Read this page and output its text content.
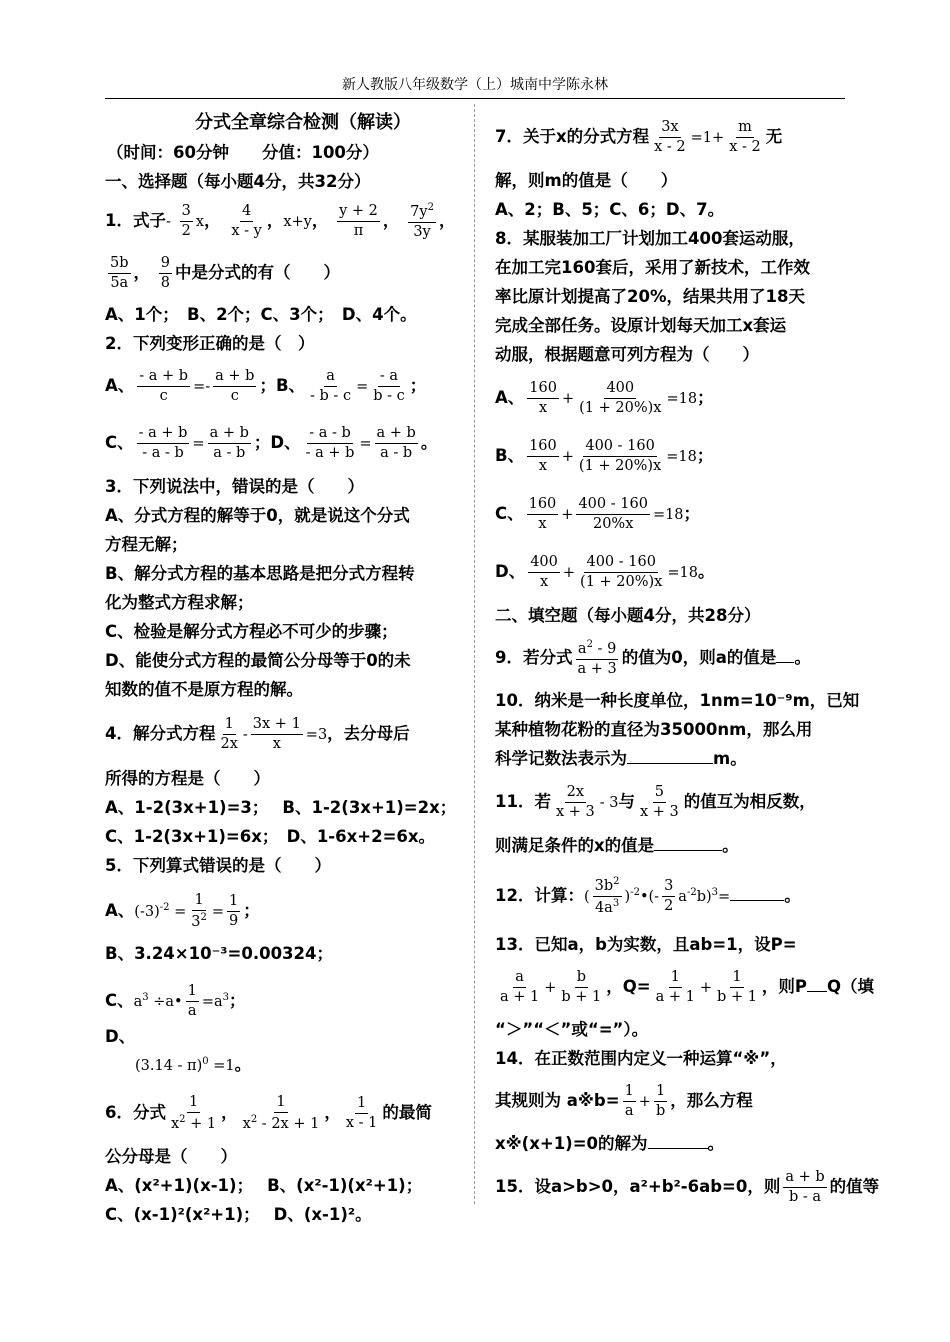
新人教版八年级数学（上）城南中学陈永林
分式全章综合检测（解读）
（时间：60分钟　　分值：100分）
一、选择题（每小题4分，共32分）
1．式子- $\frac{3}{2}$ x， $\frac{4}{x - y}$ ，x+y， $\frac{y + 2}{\pi}$ ， $\frac{7y^2}{3y}$ ，
$\frac{5b}{5a}$ ， $\frac{9}{8}$ 中是分式的有（　　）
A、1个；　B、2个；C、3个；　D、4个。
2．下列变形正确的是（　）
A、 $\frac{- a + b}{c} =- \frac{a + b}{c}$ ；B、 $\frac{a}{- b - c} = \frac{- a}{b - c}$ ；
C、 $\frac{- a + b}{- a - b} = \frac{a + b}{a - b}$ ；D、 $\frac{- a - b}{- a + b} = \frac{a + b}{a - b}$ 。
3．下列说法中，错误的是（　　）
A、分式方程的解等于0，就是说这个分式
方程无解；
B、解分式方程的基本思路是把分式方程转
化为整式方程求解；
C、检验是解分式方程必不可少的步骤；
D、能使分式方程的最简公分母等于0的未
知数的值不是原方程的解。
4．解分式方程 $\frac{1}{2x} - \frac{3x + 1}{x} =3$，去分母后
所得的方程是（　　）
A、1-2(3x+1)=3；　 B、1-2(3x+1)=2x；
C、1-2(3x+1)=6x；　D、1-6x+2=6x。
5．下列算式错误的是（　　）
A、$(-3)^{-2} = \frac{1}{3^2} = \frac{1}{9}$ ；
B、3.24×10⁻³=0.00324；
C、$a^3$ ÷a• $\frac{1}{a} =a^3$；
D、
(3.14 - π)$^0$ =1。
6．分式 $\frac{1}{x^2 + 1}$ ， $\frac{1}{x^2 - 2x + 1}$ ， $\frac{1}{x - 1}$ 的最简
公分母是（　　）
A、(x²+1)(x-1)；　 B、(x²-1)(x²+1)；
C、(x-1)²(x²+1)；　 D、(x-1)²。
7．关于x的分式方程 $\frac{3x}{x - 2} =1+ \frac{m}{x - 2}$ 无
解，则m的值是（　　）
A、2；B、5；C、6；D、7。
8．某服装加工厂计划加工400套运动服，
在加工完160套后，采用了新技术，工作效
率比原计划提高了20%，结果共用了18天
完成全部任务。设原计划每天加工x套运
动服，根据题意可列方程为（　　）
A、 $\frac{160}{x} + \frac{400}{(1 + 20\%)x} =18$；
B、 $\frac{160}{x} + \frac{400 - 160}{(1 + 20\%)x} =18$；
C、 $\frac{160}{x} + \frac{400 - 160}{20\%x} =18$；
D、 $\frac{400}{x} + \frac{400 - 160}{(1 + 20\%)x} =18$。
二、填空题（每小题4分，共28分）
9．若分式 $\frac{a^2 - 9}{a + 3}$ 的值为0，则a的值是 。
10．纳米是一种长度单位，1nm=10⁻⁹m，已知
某种植物花粉的直径为35000nm，那么用
科学记数法表示为	m。
11．若 $\frac{2x}{x + 3} - 3$与 $\frac{5}{x + 3}$ 的值互为相反数，
则满足条件的x的值是	。
12．计算：( $\frac{3b^2}{4a^3}$ )$^{-2}$•(- $\frac{3}{2} a^{-2}b)^3=$	。
13．已知a，b为实数，且ab=1，设P=
$\frac{a}{a + 1} + \frac{b}{b + 1}$ ，$Q= \frac{1}{a + 1} + \frac{1}{b + 1}$ ，则P Q（填
“＞”“＜”或“=”）。
14．在正数范围内定义一种运算“※”，
其规则为 a※b= $\frac{1}{a} + \frac{1}{b}$ ，那么方程
x※(x+1)=0的解为	。
15．设a>b>0，a²+b²-6ab=0，则 $\frac{a + b}{b - a}$ 的值等
